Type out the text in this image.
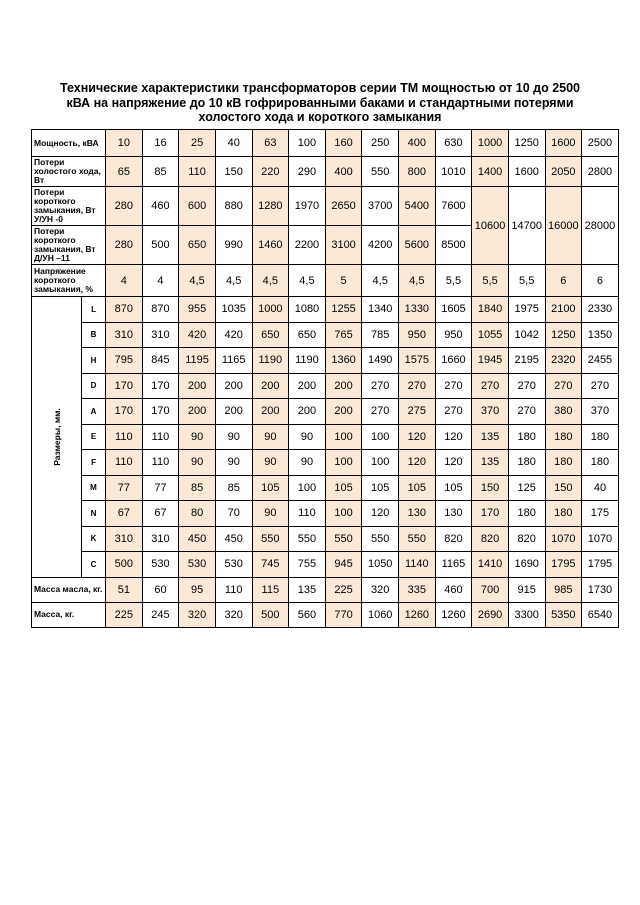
Технические характеристики трансформаторов серии ТМ мощностью от 10 до 2500
кВА на напряжение до 10 кВ гофрированными баками и стандартными потерями
холостого хода и короткого замыкания
Мощность, кВА		10	16	25	40	63	100	160	250	400	630	1000	1250	1600	2500
Потери холостого хода, Вт		65	85	110	150	220	290	400	550	800	1010	1400	1600	2050	2800
Потери короткого замыкания, Вт У/УН -0		280	460	600	880	1280	1970	2650	3700	5400	7600	10600	14700	16000	28000
Потери короткого замыкания, Вт Д/УН –11		280	500	650	990	1460	2200	3100	4200	5600	8500				
Напряжение короткого замыкания, %		4	4	4,5	4,5	4,5	4,5	5	4,5	4,5	5,5	5,5	5,5	6	6

Размеры, мм.	L	870	870	955	1035	1000	1080	1255	1340	1330	1605	1840	1975	2100	2330
	B	310	310	420	420	650	650	765	785	950	950	1055	1042	1250	1350
	H	795	845	1195	1165	1190	1190	1360	1490	1575	1660	1945	2195	2320	2455
	D	170	170	200	200	200	200	200	270	270	270	270	270	270	270
	A	170	170	200	200	200	200	200	270	275	270	370	270	380	370
	E	110	110	90	90	90	90	100	100	120	120	135	180	180	180
	F	110	110	90	90	90	90	100	100	120	120	135	180	180	180
	M	77	77	85	85	105	100	105	105	105	105	150	125	150	40
	N	67	67	80	70	90	110	100	120	130	130	170	180	180	175
	K	310	310	450	450	550	550	550	550	550	820	820	820	1070	1070
	C	500	530	530	530	745	755	945	1050	1140	1165	1410	1690	1795	1795
Масса масла, кг.		51	60	95	110	115	135	225	320	335	460	700	915	985	1730
Масса, кг.		225	245	320	320	500	560	770	1060	1260	1260	2690	3300	5350	6540
